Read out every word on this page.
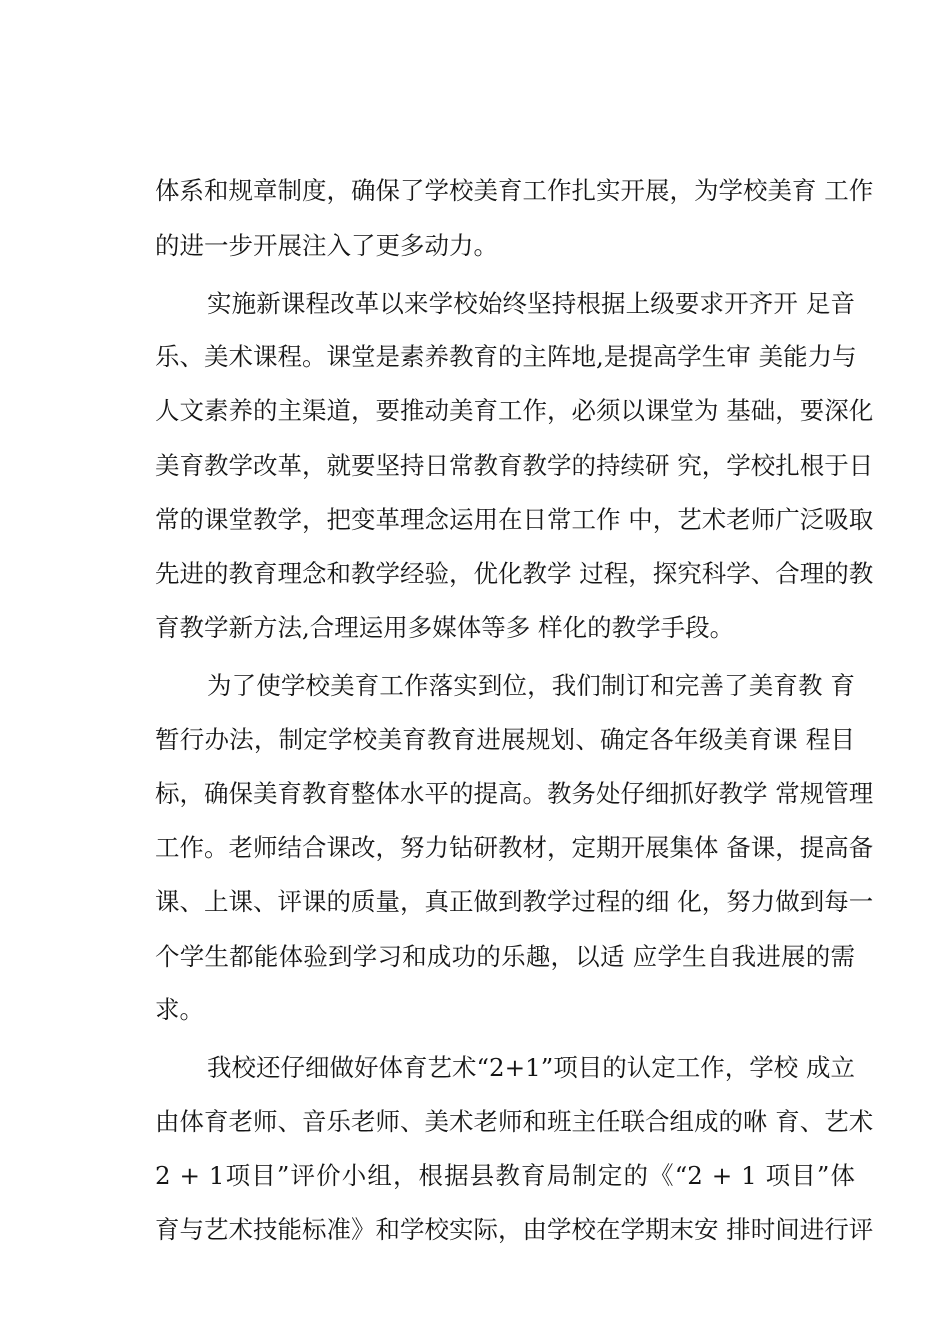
体系和规章制度，确保了学校美育工作扎实开展，为学校美育 工作
的进一步开展注入了更多动力。
实施新课程改革以来学校始终坚持根据上级要求开齐开 足音
乐、美术课程。课堂是素养教育的主阵地,是提高学生审 美能力与
人文素养的主渠道，要推动美育工作，必须以课堂为 基础，要深化
美育教学改革，就要坚持日常教育教学的持续研 究，学校扎根于日
常的课堂教学，把变革理念运用在日常工作 中，艺术老师广泛吸取
先进的教育理念和教学经验，优化教学 过程，探究科学、合理的教
育教学新方法,合理运用多媒体等多 样化的教学手段。
为了使学校美育工作落实到位，我们制订和完善了美育教 育
暂行办法，制定学校美育教育进展规划、确定各年级美育课 程目
标，确保美育教育整体水平的提高。教务处仔细抓好教学 常规管理
工作。老师结合课改，努力钻研教材，定期开展集体 备课，提高备
课、上课、评课的质量，真正做到教学过程的细 化，努力做到每一
个学生都能体验到学习和成功的乐趣，以适 应学生自我进展的需
求。
我校还仔细做好体育艺术“2+1”项目的认定工作，学校 成立
由体育老师、音乐老师、美术老师和班主任联合组成的咻 育、艺术
2 + 1项目”评价小组，根据县教育局制定的《“2 + 1 项目”体
育与艺术技能标准》和学校实际，由学校在学期末安 排时间进行评
